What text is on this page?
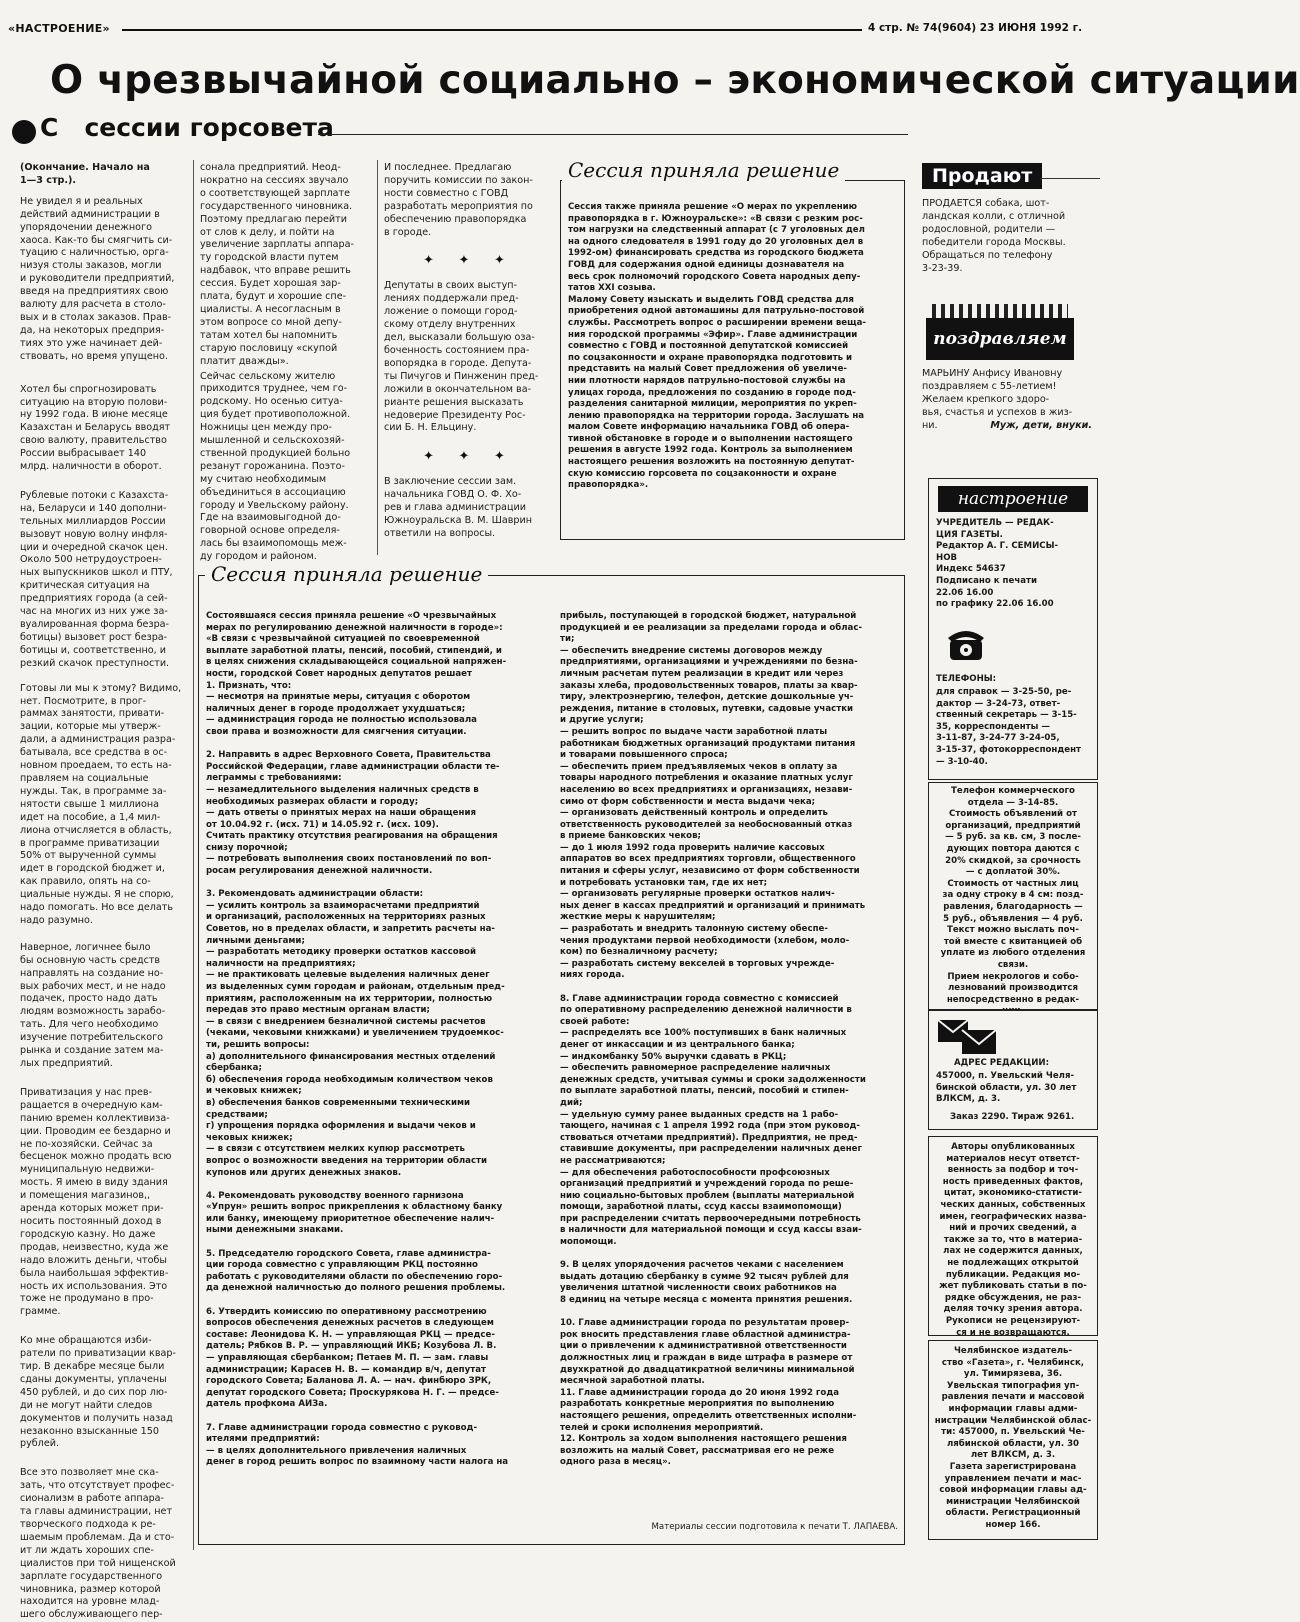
«НАСТРОЕНИЕ»	4 стр. № 74(9604) 23 ИЮНЯ 1992 г.
О чрезвычайной социально – экономической ситуации
С   сессии горсовета
(Окончание. Начало на
1—3 стр.).
Не увидел я и реальных
действий администрации в
упорядочении денежного
хаоса. Как-то бы смягчить си-
туацию с наличностью, орга-
низуя столы заказов, могли
и руководители предприятий,
введя на предприятиях свою
валюту для расчета в столо-
вых и в столах заказов. Прав-
да, на некоторых предприя-
тиях это уже начинает дей-
ствовать, но время упущено.
Хотел бы спрогнозировать
ситуацию на вторую полови-
ну 1992 года. В июне месяце
Казахстан и Беларусь вводят
свою валюту, правительство
России выбрасывает 140
млрд. наличности в оборот.
Рублевые потоки с Казахста-
на, Беларуси и 140 дополни-
тельных миллиардов России
вызовут новую волну инфля-
ции и очередной скачок цен.
Около 500 нетрудоустроен-
ных выпускников школ и ПТУ,
критическая ситуация на
предприятиях города (а сей-
час на многих из них уже за-
вуалированная форма безра-
ботицы) вызовет рост безра-
ботицы и, соответственно, и
резкий скачок преступности.
Готовы ли мы к этому? Видимо,
нет. Посмотрите, в прог-
раммах занятости, привати-
зации, которые мы утверж-
дали, а администрация разра-
батывала, все средства в ос-
новном проедаем, то есть на-
правляем на социальные
нужды. Так, в программе за-
нятости свыше 1 миллиона
идет на пособие, а 1,4 мил-
лиона отчисляется в область,
в программе приватизации
50% от вырученной суммы
идет в городской бюджет и,
как правило, опять на со-
циальные нужды. Я не спорю,
надо помогать. Но все делать
надо разумно.
Наверное, логичнее было
бы основную часть средств
направлять на создание но-
вых рабочих мест, и не надо
подачек, просто надо дать
людям возможность зарабо-
тать. Для чего необходимо
изучение потребительского
рынка и создание затем ма-
лых предприятий.
Приватизация у нас прев-
ращается в очередную кам-
панию времен коллективиза-
ции. Проводим ее бездарно и
не по-хозяйски. Сейчас за
бесценок можно продать всю
муниципальную недвижи-
мость. Я имею в виду здания
и помещения магазинов,,
аренда которых может при-
носить постоянный доход в
городскую казну. Но даже
продав, неизвестно, куда же
надо вложить деньги, чтобы
была наибольшая эффектив-
ность их использования. Это
тоже не продумано в про-
грамме.
Ко мне обращаются изби-
ратели по приватизации квар-
тир. В декабре месяце были
сданы документы, уплачены
450 рублей, и до сих пор лю-
ди не могут найти следов
документов и получить назад
незаконно взысканные 150
рублей.
Все это позволяет мне ска-
зать, что отсутствует профес-
сионализм в работе аппара-
та главы администрации, нет
творческого подхода к ре-
шаемым проблемам. Да и сто-
ит ли ждать хороших спе-
циалистов при той нищенской
зарплате государственного
чиновника, размер которой
находится на уровне млад-
шего обслуживающего пер-
сонала предприятий. Неод-
нократно на сессиях звучало
о соответствующей зарплате
государственного чиновника.
Поэтому предлагаю перейти
от слов к делу, и пойти на
увеличение зарплаты аппара-
ту городской власти путем
надбавок, что вправе решить
сессия. Будет хорошая зар-
плата, будут и хорошие спе-
циалисты. А несогласным в
этом вопросе со мной депу-
татам хотел бы напомнить
старую пословицу «скупой
платит дважды».
Сейчас сельскому жителю
приходится труднее, чем го-
родскому. Но осенью ситуа-
ция будет противоположной.
Ножницы цен между про-
мышленной и сельскохозяй-
ственной продукцией больно
резанут горожанина. Поэто-
му считаю необходимым
объединиться в ассоциацию
городу и Увельскому району.
Где на взаимовыгодной до-
говорной основе определя-
лась бы взаимопомощь меж-
ду городом и районом.
И последнее. Предлагаю
поручить комиссии по закон-
ности совместно с ГОВД
разработать мероприятия по
обеспечению правопорядка
в городе.
✦ ✦ ✦
Депутаты в своих выступ-
лениях поддержали пред-
ложение о помощи город-
скому отделу внутренних
дел, высказали большую оза-
боченность состоянием пра-
вопорядка в городе. Депута-
ты Пичугов и Пинженин пред-
ложили в окончательном ва-
рианте решения высказать
недоверие Президенту Рос-
сии Б. Н. Ельцину.
✦ ✦ ✦
В заключение сессии зам.
начальника ГОВД О. Ф. Хо-
рев и глава администрации
Южноуральска В. М. Шаврин
ответили на вопросы.
Сессия приняла решение
Сессия также приняла решение «О мерах по укреплению
правопорядка в г. Южноуральске»: «В связи с резким рос-
том нагрузки на следственный аппарат (с 7 уголовных дел
на одного следователя в 1991 году до 20 уголовных дел в
1992-ом) финансировать средства из городского бюджета
ГОВД для содержания одной единицы дознавателя на
весь срок полномочий городского Совета народных депу-
татов XXI созыва.
Малому Совету изыскать и выделить ГОВД средства для
приобретения одной автомашины для патрульно-постовой
службы. Рассмотреть вопрос о расширении времени веща-
ния городской программы «Эфир». Главе администрации
совместно с ГОВД и постоянной депутатской комиссией
по соцзаконности и охране правопорядка подготовить и
представить на малый Совет предложения об увеличе-
нии плотности нарядов патрульно-постовой службы на
улицах города, предложения по созданию в городе под-
разделения санитарной милиции, мероприятия по укреп-
лению правопорядка на территории города. Заслушать на
малом Совете информацию начальника ГОВД об опера-
тивной обстановке в городе и о выполнении настоящего
решения в августе 1992 года. Контроль за выполнением
настоящего решения возложить на постоянную депутат-
скую комиссию горсовета по соцзаконности и охране
правопорядка».
Сессия приняла решение
Состоявшаяся сессия приняла решение «О чрезвычайных
мерах по регулированию денежной наличности в городе»:
«В связи с чрезвычайной ситуацией по своевременной
выплате заработной платы, пенсий, пособий, стипендий, и
в целях снижения складывающейся социальной напряжен-
ности, городской Совет народных депутатов решает
1. Признать, что:
— несмотря на принятые меры, ситуация с оборотом
наличных денег в городе продолжает ухудшаться;
— администрация города не полностью использовала
свои права и возможности для смягчения ситуации.

2. Направить в адрес Верховного Совета, Правительства
Российской Федерации, главе администрации области те-
леграммы с требованиями:
— незамедлительного выделения наличных средств в
необходимых размерах области и городу;
— дать ответы о принятых мерах на наши обращения
от 10.04.92 г. (исх. 71) и 14.05.92 г. (исх. 109).
Считать практику отсутствия реагирования на обращения
снизу порочной;
— потребовать выполнения своих постановлений по воп-
росам регулирования денежной наличности.

3. Рекомендовать администрации области:
— усилить контроль за взаиморасчетами предприятий
и организаций, расположенных на территориях разных
Советов, но в пределах области, и запретить расчеты на-
личными деньгами;
— разработать методику проверки остатков кассовой
наличности на предприятиях;
— не практиковать целевые выделения наличных денег
из выделенных сумм городам и районам, отдельным пред-
приятиям, расположенным на их территории, полностью
передав это право местным органам власти;
— в связи с внедрением безналичной системы расчетов
(чеками, чековыми книжками) и увеличением трудоемкос-
ти, решить вопросы:
а) дополнительного финансирования местных отделений
сбербанка;
б) обеспечения города необходимым количеством чеков
и чековых книжек;
в) обеспечения банков современными техническими
средствами;
г) упрощения порядка оформления и выдачи чеков и
чековых книжек;
— в связи с отсутствием мелких купюр рассмотреть
вопрос о возможности введения на территории области
купонов или других денежных знаков.

4. Рекомендовать руководству военного гарнизона
«Упрун» решить вопрос прикрепления к областному банку
или банку, имеющему приоритетное обеспечение налич-
ными денежными знаками.

5. Председателю городского Совета, главе администра-
ции города совместно с управляющим РКЦ постоянно
работать с руководителями области по обеспечению горо-
да денежной наличностью до полного решения проблемы.

6. Утвердить комиссию по оперативному рассмотрению
вопросов обеспечения денежных расчетов в следующем
составе: Леонидова К. Н. — управляющая РКЦ — предсе-
датель; Рябков В. Р. — управляющий ИКБ; Козубова Л. В.
— управляющая сбербанком; Петаев М. П. — зам. главы
администрации; Карасев Н. В. — командир в/ч, депутат
городского Совета; Баланова Л. А. — нач. финбюро ЗРК,
депутат городского Совета; Проскурякова Н. Г. — предсе-
датель профкома АИЗа.

7. Главе администрации города совместно с руковод-
ителями предприятий:
— в целях дополнительного привлечения наличных
денег в город решить вопрос по взаимному части налога на
прибыль, поступающей в городской бюджет, натуральной
продукцией и ее реализации за пределами города и облас-
ти;
— обеспечить внедрение системы договоров между
предприятиями, организациями и учреждениями по безна-
личным расчетам путем реализации в кредит или через
заказы хлеба, продовольственных товаров, платы за квар-
тиру, электроэнергию, телефон, детские дошкольные уч-
реждения, питание в столовых, путевки, садовые участки
и другие услуги;
— решить вопрос по выдаче части заработной платы
работникам бюджетных организаций продуктами питания
и товарами повышенного спроса;
— обеспечить прием предъявляемых чеков в оплату за
товары народного потребления и оказание платных услуг
населению во всех предприятиях и организациях, незави-
симо от форм собственности и места выдачи чека;
— организовать действенный контроль и определить
ответственность руководителей за необоснованный отказ
в приеме банковских чеков;
— до 1 июля 1992 года проверить наличие кассовых
аппаратов во всех предприятиях торговли, общественного
питания и сферы услуг, независимо от форм собственности
и потребовать установки там, где их нет;
— организовать регулярные проверки остатков налич-
ных денег в кассах предприятий и организаций и принимать
жесткие меры к нарушителям;
— разработать и внедрить талонную систему обеспе-
чения продуктами первой необходимости (хлебом, моло-
ком) по безналичному расчету;
— разработать систему векселей в торговых учрежде-
ниях города.

8. Главе администрации города совместно с комиссией
по оперативному распределению денежной наличности в
своей работе:
— распределять все 100% поступивших в банк наличных
денег от инкассации и из центрального банка;
— индкомбанку 50% выручки сдавать в РКЦ;
— обеспечить равномерное распределение наличных
денежных средств, учитывая суммы и сроки задолженности
по выплате заработной платы, пенсий, пособий и стипен-
дий;
— удельную сумму ранее выданных средств на 1 рабо-
тающего, начиная с 1 апреля 1992 года (при этом руковод-
ствоваться отчетами предприятий). Предприятия, не пред-
ставившие документы, при распределении наличных денег
не рассматриваются;
— для обеспечения работоспособности профсоюзных
организаций предприятий и учреждений города по реше-
нию социально-бытовых проблем (выплаты материальной
помощи, заработной платы, ссуд кассы взаимопомощи)
при распределении считать первоочередными потребность
в наличности для материальной помощи и ссуд кассы взаи-
мопомощи.

9. В целях упорядочения расчетов чеками с населением
выдать дотацию сбербанку в сумме 92 тысяч рублей для
увеличения штатной численности своих работников на
8 единиц на четыре месяца с момента принятия решения.

10. Главе администрации города по результатам провер-
рок вносить представления главе областной администра-
ции о привлечении к административной ответственности
должностных лиц и граждан в виде штрафа в размере от
двухкратной до двадцатикратной величины минимальной
месячной заработной платы.
11. Главе администрации города до 20 июня 1992 года
разработать конкретные мероприятия по выполнению
настоящего решения, определить ответственных исполни-
телей и сроки исполнения мероприятий.
12. Контроль за ходом выполнения настоящего решения
возложить на малый Совет, рассматривая его не реже
одного раза в месяц».
Материалы сессии подготовила к печати Т. ЛАПАЕВА.
Продают
ПРОДАЕТСЯ собака, шот-
ландская колли, с отличной
родословной, родители —
победители города Москвы.
Обращаться по телефону
3-23-39.
поздравляем
МАРЬИНУ Анфису Ивановну
поздравляем с 55-летием!
Желаем крепкого здоро-
вья, счастья и успехов в жиз-
ни.	Муж, дети, внуки.
настроение
УЧРЕДИТЕЛЬ — РЕДАК-
ЦИЯ ГАЗЕТЫ.
Редактор А. Г. СЕМИСЫ-
НОВ
Индекс 54637
Подписано к печати
22.06 16.00
по графику 22.06 16.00
ТЕЛЕФОНЫ:
для справок — 3-25-50, ре-
дактор — 3-24-73, ответ-
ственный секретарь — 3-15-
35, корреспонденты —
3-11-87, 3-24-77 3-24-05,
3-15-37, фотокорреспондент
— 3-10-40.
Телефон коммерческого
отдела — 3-14-85.
Стоимость объявлений от
организаций, предприятий
— 5 руб. за кв. см, 3 после-
дующих повтора даются с
20% скидкой, за срочность
— с доплатой 30%.
Стоимость от частных лиц
за одну строку в 4 см: позд-
равления, благодарность —
5 руб., объявления — 4 руб.
Текст можно выслать поч-
той вместе с квитанцией об
уплате из любого отделения
связи.
Прием некрологов и собо-
лезнований производится
непосредственно в редак-

АДРЕС РЕДАКЦИИ:
457000, п. Увельский Челя-
бинской области, ул. 30 лет
ВЛКСМ, д. 3.
Заказ 2290. Тираж 9261.
Авторы опубликованных
материалов несут ответст-
венность за подбор и точ-
ность приведенных фактов,
цитат, экономико-статисти-
ческих данных, собственных
имен, географических назва-
ний и прочих сведений, а
также за то, что в материа-
лах не содержится данных,
не подлежащих открытой
публикации. Редакция мо-
жет публиковать статьи в по-
рядке обсуждения, не раз-
деляя точку зрения автора.
Рукописи не рецензируют-
ся и не возвращаются.
Челябинское издатель-
ство «Газета», г. Челябинск,
ул. Тимирязева, 36.
Увельская типография уп-
равления печати и массовой
информации главы адми-
нистрации Челябинской облас-
ти: 457000, п. Увельский Че-
лябинской области, ул. 30
лет ВЛКСМ, д. 3.
Газета зарегистрирована
управлением печати и мас-
совой информации главы ад-
министрации Челябинской
области. Регистрационный
номер 166.
